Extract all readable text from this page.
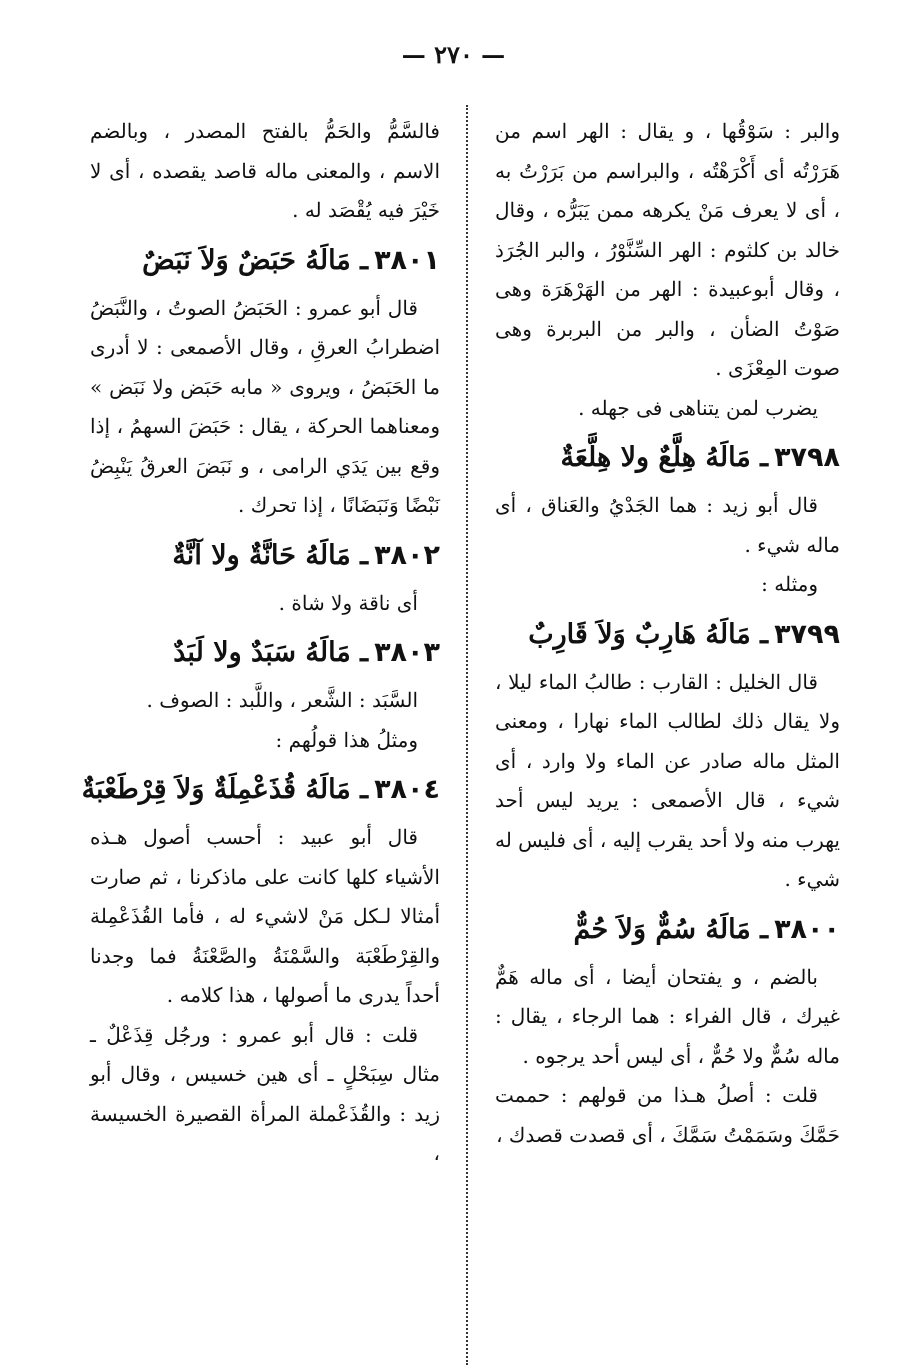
— ٢٧٠ —

والبر : سَوْقُها ، و يقال : الهر اسم من هَرَرْتُه أى أَكْرَهْتُه ، والبراسم من بَرَرْتُ به ، أى لا يعرف مَنْ يكرهه ممن يَبَرُّه ، وقال خالد بن كلثوم : الهر السِّنَّوْرُ ، والبر الجُرَذ ، وقال أبوعبيدة : الهر من الهَرْهَرَة وهى صَوْتُ الضأن ، والبر من البربرة وهى صوت المِعْزَى .

يضرب لمن يتناهى فى جهله .

٣٧٩٨ـ مَالَهُ هِلَّعٌ ولا هِلَّعَةٌ

قال أبو زيد : هما الجَدْيُ والعَناق ، أى ماله شيء .

ومثله :

٣٧٩٩ـ مَالَهُ هَارِبٌ وَلاَ قَارِبٌ

قال الخليل : القارب : طالبُ الماء ليلا ، ولا يقال ذلك لطالب الماء نهارا ، ومعنى المثل ماله صادر عن الماء ولا وارد ، أى شيء ، قال الأصمعى : يريد ليس أحد يهرب منه ولا أحد يقرب إليه ، أى فليس له شيء .

٣٨٠٠ـ مَالَهُ سُمٌّ وَلاَ حُمٌّ

بالضم ، و يفتحان أيضا ، أى ماله هَمٌّ غيرك ، قال الفراء : هما الرجاء ، يقال : ماله سُمٌّ ولا حُمٌّ ، أى ليس أحد يرجوه .

قلت : أصلُ هـذا من قولهم : حممت حَمَّكَ وسَمَمْتُ سَمَّكَ ، أى قصدت قصدك ،

فالسَّمُّ والحَمُّ بالفتح المصدر ، وبالضم الاسم ، والمعنى ماله قاصد يقصده ، أى لا خَيْرَ فيه يُقْصَد له .

٣٨٠١ـ مَالَهُ حَبَضٌ وَلاَ نَبَضٌ

قال أبو عمرو : الحَبَضُ الصوتُ ، والنَّبَضُ اضطرابُ العرقِ ، وقال الأصمعى : لا أدرى ما الحَبَضُ ، ويروى « مابه حَبَض ولا نَبَض » ومعناهما الحركة ، يقال : حَبَضَ السهمُ ، إذا وقع بين يَدَي الرامى ، و نَبَضَ العرقُ يَنْبِضُ نَبْضًا وَنَبَضَانًا ، إذا تحرك .

٣٨٠٢ـ مَالَهُ حَانَّةٌ ولا آنَّةٌ

أى ناقة ولا شاة .

٣٨٠٣ـ مَالَهُ سَبَدٌ ولا لَبَدٌ

السَّبَد : الشَّعر ، واللَّبد : الصوف .

ومثلُ هذا قولُهم :

٣٨٠٤ـ مَالَهُ قُذَعْمِلَةٌ وَلاَ قِرْطَعْبَةٌ

قال أبو عبيد : أحسب أصول هـذه الأشياء كلها كانت على ماذكرنا ، ثم صارت أمثالا لـكل مَنْ لاشيء له ، فأما القُذَعْمِلة والقِرْطَعْبَة والسَّمْنَةُ والصَّعْنَةُ فما وجدنا أحداً يدرى ما أصولها ، هذا كلامه .

قلت : قال أبو عمرو : ورجُل قِذَعْلٌ ـ مثال سِبَحْلٍ ـ أى هين خسيس ، وقال أبو زيد : والقُذَعْملة المرأة القصيرة الخسيسة ،
